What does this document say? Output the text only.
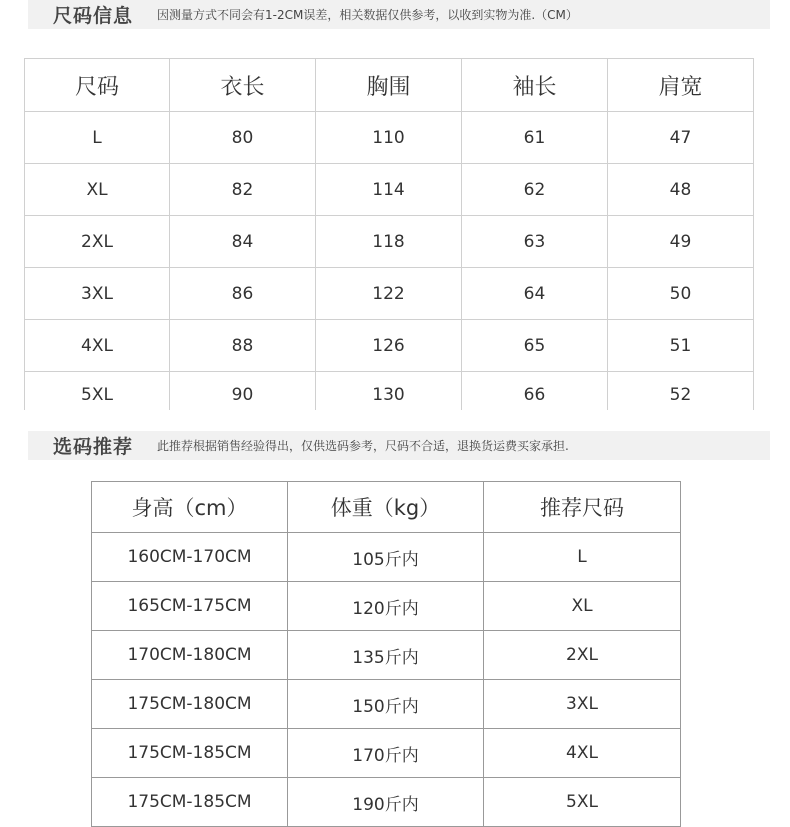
尺码信息 因测量方式不同会有1-2CM误差，相关数据仅供参考，以收到实物为准.（CM）
尺码	衣长	胸围	袖长	肩宽
L	80	110	61	47
XL	82	114	62	48
2XL	84	118	63	49
3XL	86	122	64	50
4XL	88	126	65	51
5XL	90	130	66	52
选码推荐 此推荐根据销售经验得出，仅供选码参考，尺码不合适，退换货运费买家承担.
身高（cm）	体重（kg）	推荐尺码
160CM-170CM	105斤内	L
165CM-175CM	120斤内	XL
170CM-180CM	135斤内	2XL
175CM-180CM	150斤内	3XL
175CM-185CM	170斤内	4XL
175CM-185CM	190斤内	5XL
